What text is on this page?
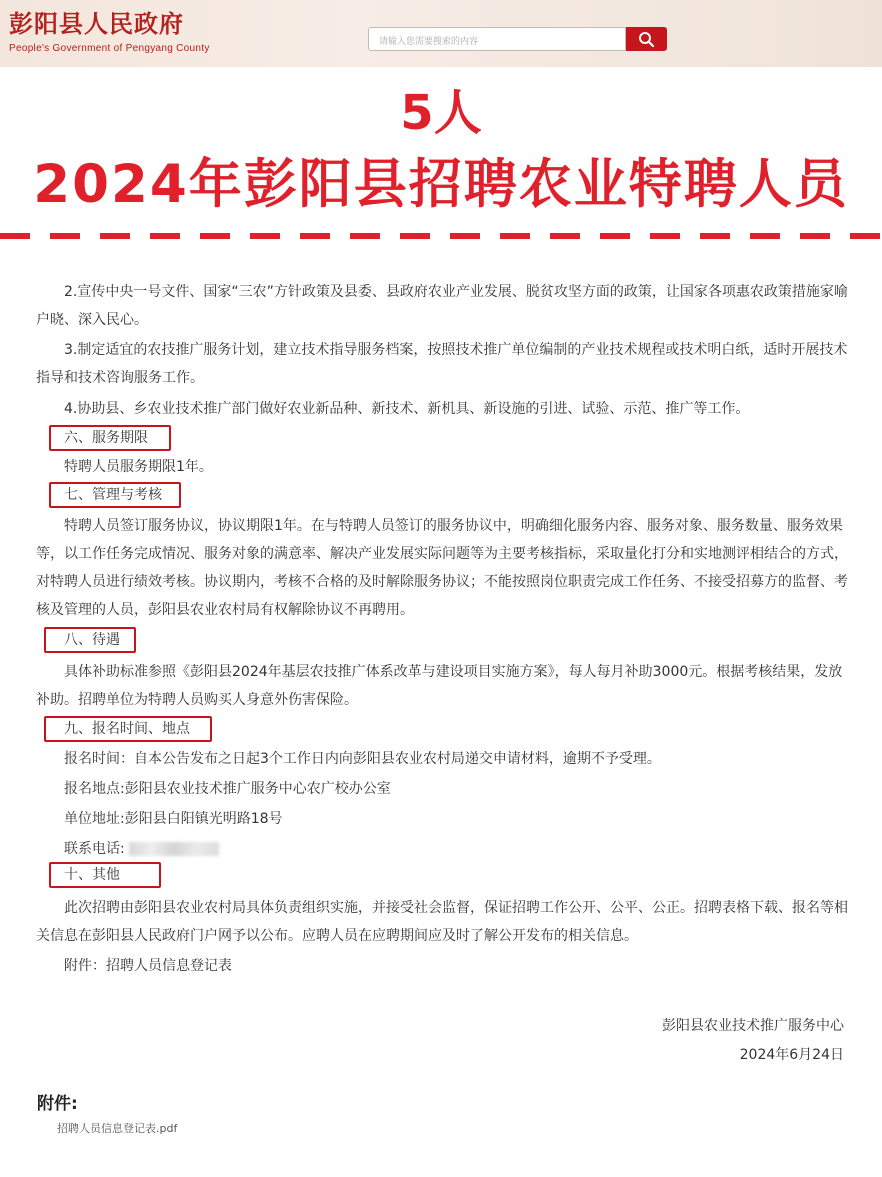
彭阳县人民政府
People's Government of Pengyang County
请输入您需要搜索的内容
5人
2024年彭阳县招聘农业特聘人员
2.宣传中央一号文件、国家“三农”方针政策及县委、县政府农业产业发展、脱贫攻坚方面的政策，让国家各项惠农政策措施家喻户晓、深入民心。
3.制定适宜的农技推广服务计划，建立技术指导服务档案，按照技术推广单位编制的产业技术规程或技术明白纸，适时开展技术指导和技术咨询服务工作。
4.协助县、乡农业技术推广部门做好农业新品种、新技术、新机具、新设施的引进、试验、示范、推广等工作。
六、服务期限
特聘人员服务期限1年。
七、管理与考核
特聘人员签订服务协议，协议期限1年。在与特聘人员签订的服务协议中，明确细化服务内容、服务对象、服务数量、服务效果等，以工作任务完成情况、服务对象的满意率、解决产业发展实际问题等为主要考核指标，采取量化打分和实地测评相结合的方式，对特聘人员进行绩效考核。协议期内，考核不合格的及时解除服务协议；不能按照岗位职责完成工作任务、不接受招募方的监督、考核及管理的人员，彭阳县农业农村局有权解除协议不再聘用。
八、待遇
具体补助标准参照《彭阳县2024年基层农技推广体系改革与建设项目实施方案》，每人每月补助3000元。根据考核结果，发放补助。招聘单位为特聘人员购买人身意外伤害保险。
九、报名时间、地点
报名时间：自本公告发布之日起3个工作日内向彭阳县农业农村局递交申请材料，逾期不予受理。
报名地点:彭阳县农业技术推广服务中心农广校办公室
单位地址:彭阳县白阳镇光明路18号
联系电话:
十、其他
此次招聘由彭阳县农业农村局具体负责组织实施，并接受社会监督，保证招聘工作公开、公平、公正。招聘表格下载、报名等相关信息在彭阳县人民政府门户网予以公布。应聘人员在应聘期间应及时了解公开发布的相关信息。
附件：招聘人员信息登记表
彭阳县农业技术推广服务中心
2024年6月24日
附件:
招聘人员信息登记表.pdf
